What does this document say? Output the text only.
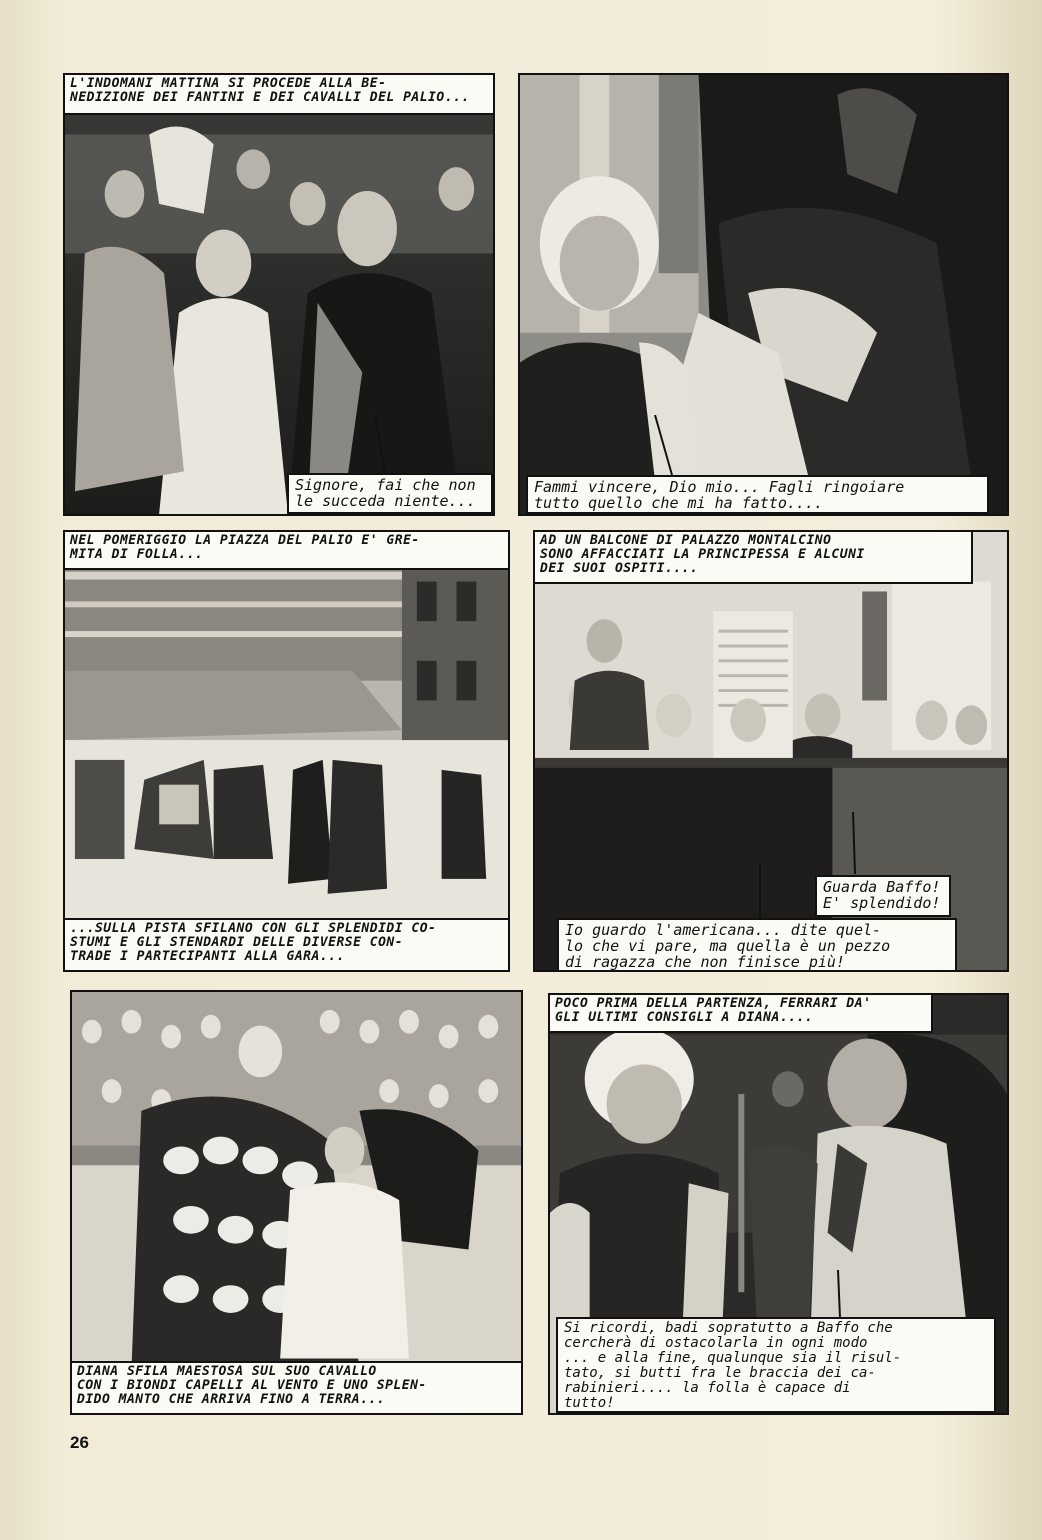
L'INDOMANI MATTINA SI PROCEDE ALLA BE-
NEDIZIONE DEI FANTINI E DEI CAVALLI DEL PALIO...
Signore, fai che non
le succeda niente...
Fammi vincere, Dio mio... Fagli ringoiare
tutto quello che mi ha fatto....
NEL POMERIGGIO LA PIAZZA DEL PALIO E' GRE-
MITA DI FOLLA...
...SULLA PISTA SFILANO CON GLI SPLENDIDI CO-
STUMI E GLI STENDARDI DELLE DIVERSE CON-
TRADE I PARTECIPANTI ALLA GARA...
AD UN BALCONE DI PALAZZO MONTALCINO
SONO AFFACCIATI LA PRINCIPESSA E ALCUNI
DEI SUOI OSPITI....
Guarda Baffo!
E' splendido!
Io guardo l'americana... dite quel-
lo che vi pare, ma quella è un pezzo
di ragazza che non finisce più!
DIANA SFILA MAESTOSA SUL SUO CAVALLO
CON I BIONDI CAPELLI AL VENTO E UNO SPLEN-
DIDO MANTO CHE ARRIVA FINO A TERRA...
POCO PRIMA DELLA PARTENZA, FERRARI DA'
GLI ULTIMI CONSIGLI A DIANA....
Si ricordi, badi sopratutto a Baffo che
cercherà di ostacolarla in ogni modo
... e alla fine, qualunque sia il risul-
tato, si butti fra le braccia dei ca-
rabinieri.... la folla è capace di
tutto!
26
